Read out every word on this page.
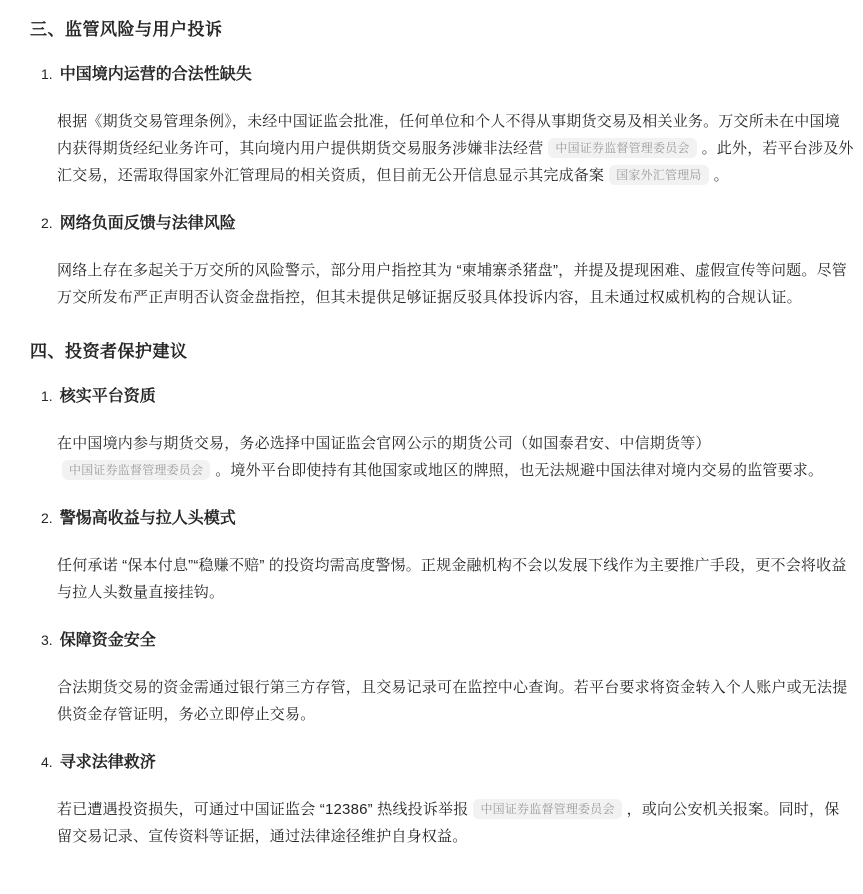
三、监管风险与用户投诉
1. 中国境内运营的合法性缺失

根据《期货交易管理条例》，未经中国证监会批准，任何单位和个人不得从事期货交易及相关业务。万交所未在中国境内获得期货经纪业务许可，其向境内用户提供期货交易服务涉嫌非法经营 中国证券监督管理委员会 。此外，若平台涉及外汇交易，还需取得国家外汇管理局的相关资质，但目前无公开信息显示其完成备案 国家外汇管理局 。

2. 网络负面反馈与法律风险

网络上存在多起关于万交所的风险警示，部分用户指控其为 “柬埔寨杀猪盘”，并提及提现困难、虚假宣传等问题。尽管万交所发布严正声明否认资金盘指控，但其未提供足够证据反驳具体投诉内容，且未通过权威机构的合规认证。

四、投资者保护建议
1. 核实平台资质

在中国境内参与期货交易，务必选择中国证监会官网公示的期货公司（如国泰君安、中信期货等）中国证券监督管理委员会 。境外平台即使持有其他国家或地区的牌照，也无法规避中国法律对境内交易的监管要求。

2. 警惕高收益与拉人头模式

任何承诺 “保本付息”“稳赚不赔” 的投资均需高度警惕。正规金融机构不会以发展下线作为主要推广手段，更不会将收益与拉人头数量直接挂钩。

3. 保障资金安全

合法期货交易的资金需通过银行第三方存管，且交易记录可在监控中心查询。若平台要求将资金转入个人账户或无法提供资金存管证明，务必立即停止交易。

4. 寻求法律救济

若已遭遇投资损失，可通过中国证监会 “12386” 热线投诉举报 中国证券监督管理委员会 ，或向公安机关报案。同时，保留交易记录、宣传资料等证据，通过法律途径维护自身权益。
